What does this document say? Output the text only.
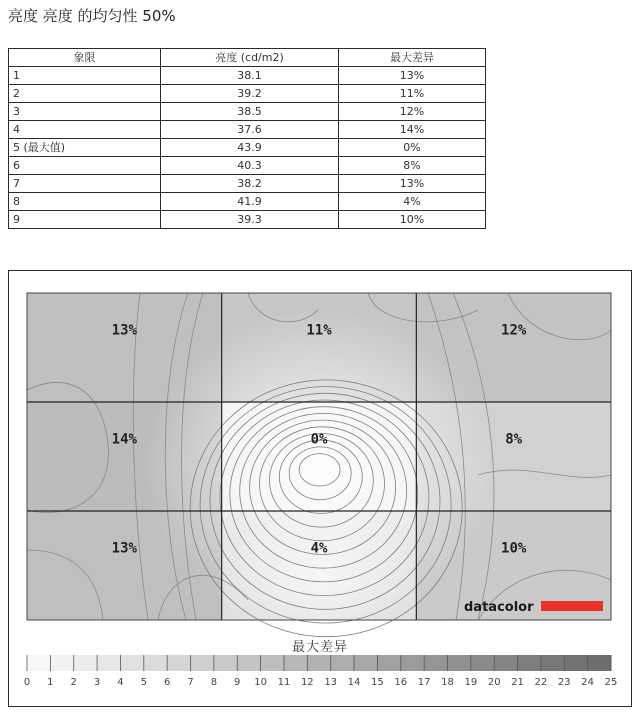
亮度 亮度 的均匀性 50%
象限	亮度 (cd/m2)	最大差异
1	38.1	13%
2	39.2	11%
3	38.5	12%
4	37.6	14%
5 (最大值)	43.9	0%
6	40.3	8%
7	38.2	13%
8	41.9	4%
9	39.3	10%
13%	11%	12%
14%	0%	8%
13%	4%	10%
datacolor
0 1 2 3 4 5 6 7 8 9 10 11 12 13 14 15 16 17 18 19 20 21 22 23 24 25
最大差异
